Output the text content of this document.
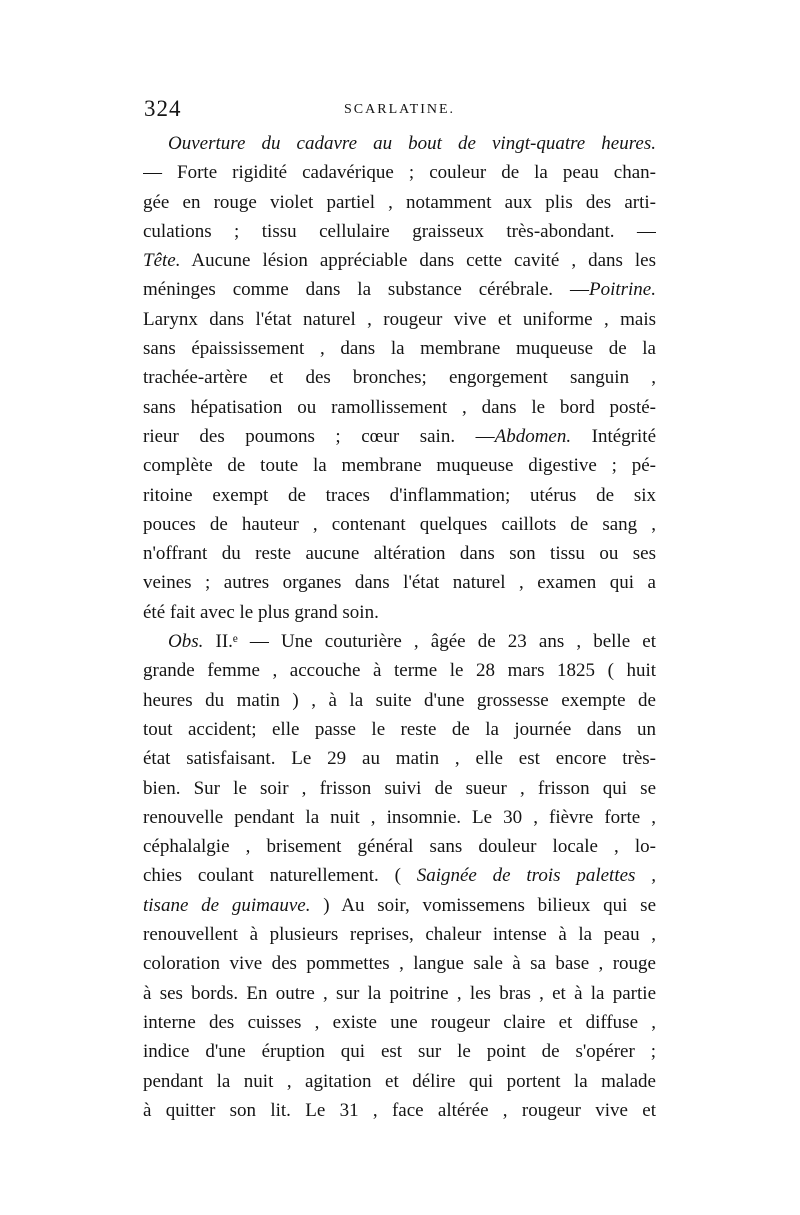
324	SCARLATINE.
Ouverture du cadavre au bout de vingt-quatre heures.
— Forte rigidité cadavérique ; couleur de la peau chan-
gée en rouge violet partiel , notamment aux plis des arti-
culations ; tissu cellulaire graisseux très-abondant. —
Tête. Aucune lésion appréciable dans cette cavité , dans les
méninges comme dans la substance cérébrale. —Poitrine.
Larynx dans l'état naturel , rougeur vive et uniforme , mais
sans épaississement , dans la membrane muqueuse de la
trachée-artère et des bronches; engorgement sanguin ,
sans hépatisation ou ramollissement , dans le bord posté-
rieur des poumons ; cœur sain. —Abdomen. Intégrité
complète de toute la membrane muqueuse digestive ; pé-
ritoine exempt de traces d'inflammation; utérus de six
pouces de hauteur , contenant quelques caillots de sang ,
n'offrant du reste aucune altération dans son tissu ou ses
veines ; autres organes dans l'état naturel , examen qui a
été fait avec le plus grand soin.
Obs. II.ᵉ — Une couturière , âgée de 23 ans , belle et
grande femme , accouche à terme le 28 mars 1825 ( huit
heures du matin ) , à la suite d'une grossesse exempte de
tout accident; elle passe le reste de la journée dans un
état satisfaisant. Le 29 au matin , elle est encore très-
bien. Sur le soir , frisson suivi de sueur , frisson qui se
renouvelle pendant la nuit , insomnie. Le 30 , fièvre forte ,
céphalalgie , brisement général sans douleur locale , lo-
chies coulant naturellement. ( Saignée de trois palettes ,
tisane de guimauve. ) Au soir, vomissemens bilieux qui se
renouvellent à plusieurs reprises, chaleur intense à la peau ,
coloration vive des pommettes , langue sale à sa base , rouge
à ses bords. En outre , sur la poitrine , les bras , et à la partie
interne des cuisses , existe une rougeur claire et diffuse ,
indice d'une éruption qui est sur le point de s'opérer ;
pendant la nuit , agitation et délire qui portent la malade
à quitter son lit. Le 31 , face altérée , rougeur vive et
